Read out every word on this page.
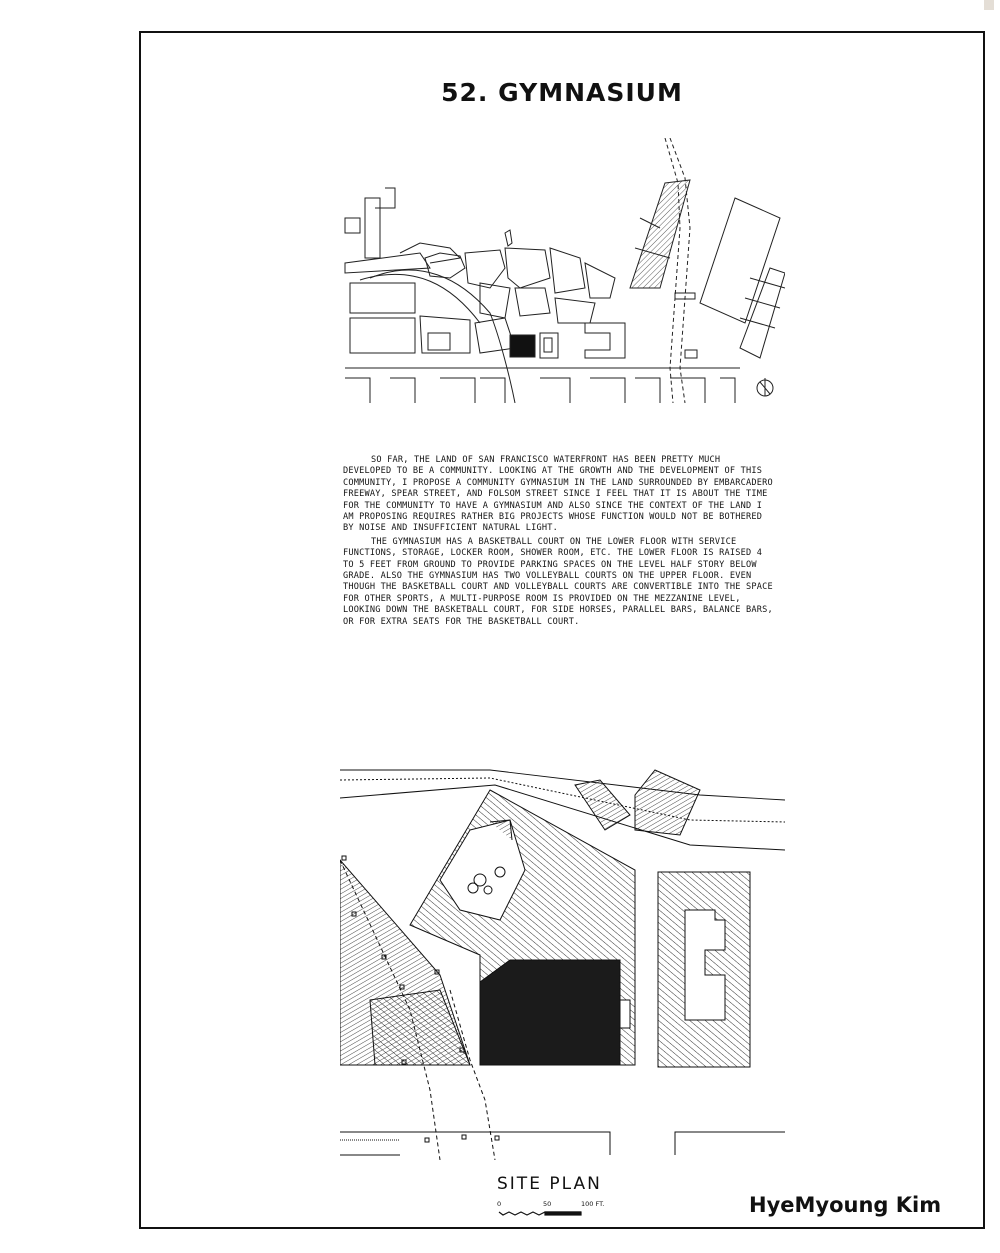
52. GYMNASIUM

SO FAR, THE LAND OF SAN FRANCISCO WATERFRONT HAS BEEN PRETTY MUCH DEVELOPED TO BE A COMMUNITY. LOOKING AT THE GROWTH AND THE DEVELOPMENT OF THIS COMMUNITY, I PROPOSE A COMMUNITY GYMNASIUM IN THE LAND SURROUNDED BY EMBARCADERO FREEWAY, SPEAR STREET, AND FOLSOM STREET SINCE I FEEL THAT IT IS ABOUT THE TIME FOR THE COMMUNITY TO HAVE A GYMNASIUM AND ALSO SINCE THE CONTEXT OF THE LAND I AM PROPOSING REQUIRES RATHER BIG PROJECTS WHOSE FUNCTION WOULD NOT BE BOTHERED BY NOISE AND INSUFFICIENT NATURAL LIGHT.

THE GYMNASIUM HAS A BASKETBALL COURT ON THE LOWER FLOOR WITH SERVICE FUNCTIONS, STORAGE, LOCKER ROOM, SHOWER ROOM, ETC. THE LOWER FLOOR IS RAISED 4 TO 5 FEET FROM GROUND TO PROVIDE PARKING SPACES ON THE LEVEL HALF STORY BELOW GRADE. ALSO THE GYMNASIUM HAS TWO VOLLEYBALL COURTS ON THE UPPER FLOOR. EVEN THOUGH THE BASKETBALL COURT AND VOLLEYBALL COURTS ARE CONVERTIBLE INTO THE SPACE FOR OTHER SPORTS, A MULTI-PURPOSE ROOM IS PROVIDED ON THE MEZZANINE LEVEL, LOOKING DOWN THE BASKETBALL COURT, FOR SIDE HORSES, PARALLEL BARS, BALANCE BARS, OR FOR EXTRA SEATS FOR THE BASKETBALL COURT.

SITE PLAN
0	50	100 FT.	HyeMyoung Kim
